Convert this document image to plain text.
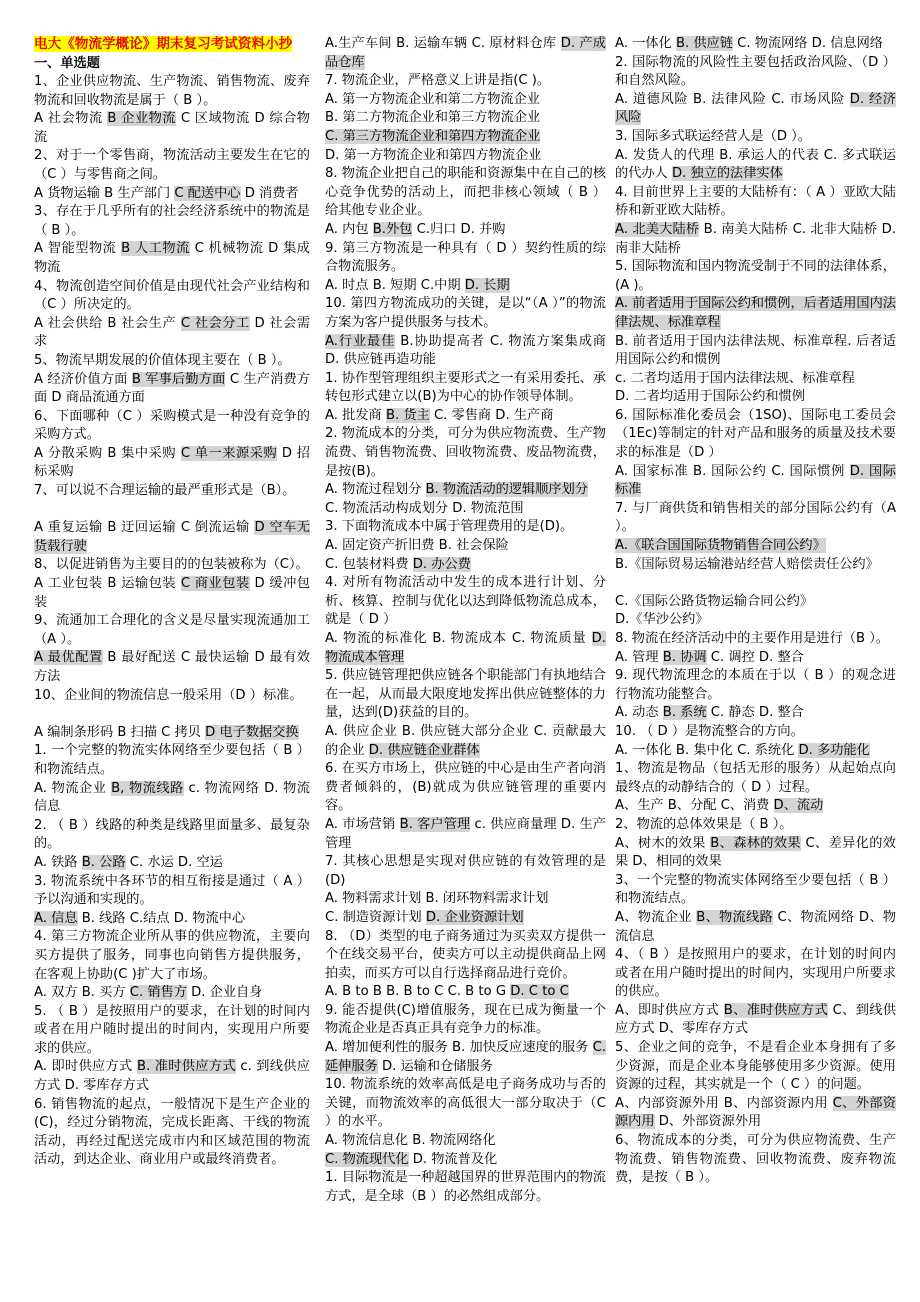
电大《物流学概论》期末复习考试资料小抄
一、单选题

1、企业供应物流、生产物流、销售物流、废弃物流和回收物流是属于（ B ）。

A 社会物流 B 企业物流 C 区域物流 D 综合物流

2、对于一个零售商，物流活动主要发生在它的（C ）与零售商之间。

A 货物运输 B 生产部门 C 配送中心 D 消费者

3、存在于几乎所有的社会经济系统中的物流是（ B ）。

A 智能型物流 B 人工物流 C 机械物流 D 集成物流

4、物流创造空间价值是由现代社会产业结构和（C ）所决定的。

A 社会供给 B 社会生产 C 社会分工 D 社会需求

5、物流早期发展的价值体现主要在（ B ）。

A 经济价值方面 B 军事后勤方面 C 生产消费方面 D 商品流通方面

6、下面哪种（C ）采购模式是一种没有竞争的采购方式。

A 分散采购 B 集中采购 C 单一来源采购 D 招标采购

7、可以说不合理运输的最严重形式是（B）。

A 重复运输 B 迂回运输 C 倒流运输 D 空车无货载行驶

8、以促进销售为主要目的的包装被称为（C）。

A 工业包装 B 运输包装 C 商业包装 D 缓冲包装

9、流通加工合理化的含义是尽量实现流通加工（A ）。

A 最优配置 B 最好配送 C 最快运输 D 最有效方法

10、企业间的物流信息一般采用（D ）标准。

A 编制条形码 B 扫描 C 拷贝 D 电子数据交换

1. 一个完整的物流实体网络至少要包括（ B ）和物流结点。

A. 物流企业 B, 物流线路 c. 物流网络 D. 物流信息

2. （ B ）线路的种类是线路里面量多、最复杂的。

A. 铁路 B. 公路 C. 水运 D. 空运

3. 物流系统中各环节的相互衔接是通过（ A ）予以沟通和实现的。

A. 信息 B. 线路 C.结点 D. 物流中心

4. 第三方物流企业所从事的供应物流，主要向买方提供了服务，同事也向销售方提供服务，在客观上协助(C )扩大了市场。

A. 双方 B. 买方 C. 销售方 D. 企业自身

5. （ B ）是按照用户的要求，在计划的时间内或者在用户随时提出的时间内，实现用户所要求的供应。

A. 即时供应方式 B. 准时供应方式 c. 到线供应方式 D. 零库存方式

6. 销售物流的起点，一般情况下是生产企业的(C)，经过分销物流，完成长距离、干线的物流活动，再经过配送完成市内和区域范围的物流活动，到达企业、商业用户或最终消费者。

A.生产车间 B. 运输车辆 C. 原材料仓库 D. 产成品仓库

7. 物流企业，严格意义上讲是指(C )。

A. 第一方物流企业和第二方物流企业

B. 第二方物流企业和第三方物流企业

C. 第三方物流企业和第四方物流企业

D. 第一方物流企业和第四方物流企业

8. 物流企业把自己的职能和资源集中在自己的核心竞争优势的活动上，而把非核心领域（ B ）给其他专业企业。

A. 内包 B.外包 C.归口 D. 并购

9. 第三方物流是一种具有（ D ）契约性质的综合物流服务。

A. 时点 B. 短期 C.中期 D. 长期

10. 第四方物流成功的关键，是以“（A ）”的物流方案为客户提供服务与技术。

A.行业最佳 B.协助提高者 C. 物流方案集成商 D. 供应链再造功能

1. 协作型管理组织主要形式之一有采用委托、承转包形式建立以(B)为中心的协作领导体制。

A. 批发商 B. 货主 C. 零售商 D. 生产商

2. 物流成本的分类，可分为供应物流费、生产物流费、销售物流费、回收物流费、废品物流费，是按(B)。

A. 物流过程划分 B. 物流活动的逻辑顺序划分

C. 物流活动构成划分 D. 物流范围

3. 下面物流成本中属于管理费用的是(D)。

A. 固定资产折旧费 B. 社会保险

C. 包装材料费 D. 办公费

4. 对所有物流活动中发生的成本进行计划、分析、核算、控制与优化以达到降低物流总成本，就是（ D ）

A. 物流的标准化 B. 物流成本 C. 物流质量 D. 物流成本管理

5. 供应链管理把供应链各个职能部门有执地结合在一起，从而最大限度地发挥出供应链整体的力量，达到(D)获益的目的。

A. 供应企业 B. 供应链大部分企业 C. 贡献最大的企业 D. 供应链企业群体

6. 在买方市场上，供应链的中心是由生产者向消费者倾斜的，(B)就成为供应链管理的重要内容。

A. 市场营销 B. 客户管理 c. 供应商量理 D. 生产管理

7. 其核心思想是实现对供应链的有效管理的是(D)

A. 物料需求计划 B. 闭环物料需求计划

C. 制造资源计划 D. 企业资源计划

8. （D）类型的电子商务通过为买卖双方提供一个在线交易平台，使卖方可以主动提供商品上网拍卖，而买方可以自行选择商品进行竞价。

A. B to B B. B to C C. B to G D. C to C

9. 能否提供(C)增值服务，现在已成为衡量一个物流企业是否真正具有竞争力的标准。

A. 增加便利性的服务 B. 加快反应速度的服务 C. 延伸服务 D. 运输和仓储服务

10. 物流系统的效率高低是电子商务成功与否的关键，而物流效率的高低很大一部分取决于（C ）的水平。

A. 物流信息化 B. 物流网络化

C. 物流现代化 D. 物流普及化

1. 目际物流是一种超越国界的世界范围内的物流方式，是全球（B ）的必然组成部分。

A. 一体化 B. 供应链 C. 物流网络 D. 信息网络

2. 国际物流的风险性主要包括政治风险、（D ）和自然风险。

A. 道德风险 B. 法律风险 C. 市场风险 D. 经济风险

3. 国际多式联运经营人是（D ）。

A. 发货人的代理 B. 承运人的代表 C. 多式联运的代办人 D. 独立的法律实体

4. 目前世界上主要的大陆桥有：（ A ）亚欧大陆桥和新亚欧大陆桥。

A. 北美大陆桥 B. 南美大陆桥 C. 北非大陆桥 D. 南非大陆桥

5. 国际物流和国内物流受制于不同的法律体系，(A )。

A. 前者适用于国际公约和惯例，后者适用国内法律法规、标准章程

B. 前者适用于国内法律法规、标准章程. 后者适用国际公约和惯例

c. 二者均适用于国内法律法规、标准章程

D. 二者均适用于国际公约和惯例

6. 国际标准化委员会（1SO)、国际电工委员会（1Ec)等制定的针对产品和服务的质量及技术要求的标准是（D ）

A. 国家标准 B. 国际公约 C. 国际惯例 D. 国际标准

7. 与厂商供货和销售相关的部分国际公约有（A ）。

A.《联合国国际货物销售合同公约》

B.《国际贸易运输港站经营人赔偿责任公约》

C.《国际公路货物运输合同公约》

D.《华沙公约》

8. 物流在经济活动中的主要作用是进行（B ）。

A. 管理 B. 协调 C. 调控 D. 整合

9. 现代物流理念的本质在于以（ B ）的观念进行物流功能整合。

A. 动态 B. 系统 C. 静态 D. 整合

10. （ D ）是物流整合的方向。

A. 一体化 B. 集中化 C. 系统化 D. 多功能化

1、物流是物品（包括无形的服务）从起始点向最终点的动静结合的（ D ）过程。

A、生产 B、分配 C、消费 D、流动

2、物流的总体效果是（ B ）。

A、树木的效果 B、森林的效果 C、差异化的效果 D、相同的效果

3、一个完整的物流实体网络至少要包括（ B ）和物流结点。

A、物流企业 B、物流线路 C、物流网络 D、物流信息

4、（ B ）是按照用户的要求，在计划的时间内或者在用户随时提出的时间内，实现用户所要求的供应。

A、即时供应方式 B、准时供应方式 C、到线供应方式 D、零库存方式

5、企业之间的竞争，不是看企业本身拥有了多少资源，而是企业本身能够使用多少资源。使用资源的过程，其实就是一个（ C ）的问题。

A、内部资源外用 B、内部资源内用 C、外部资源内用 D、外部资源外用

6、物流成本的分类，可分为供应物流费、生产物流费、销售物流费、回收物流费、废弃物流费，是按（ B ）。
